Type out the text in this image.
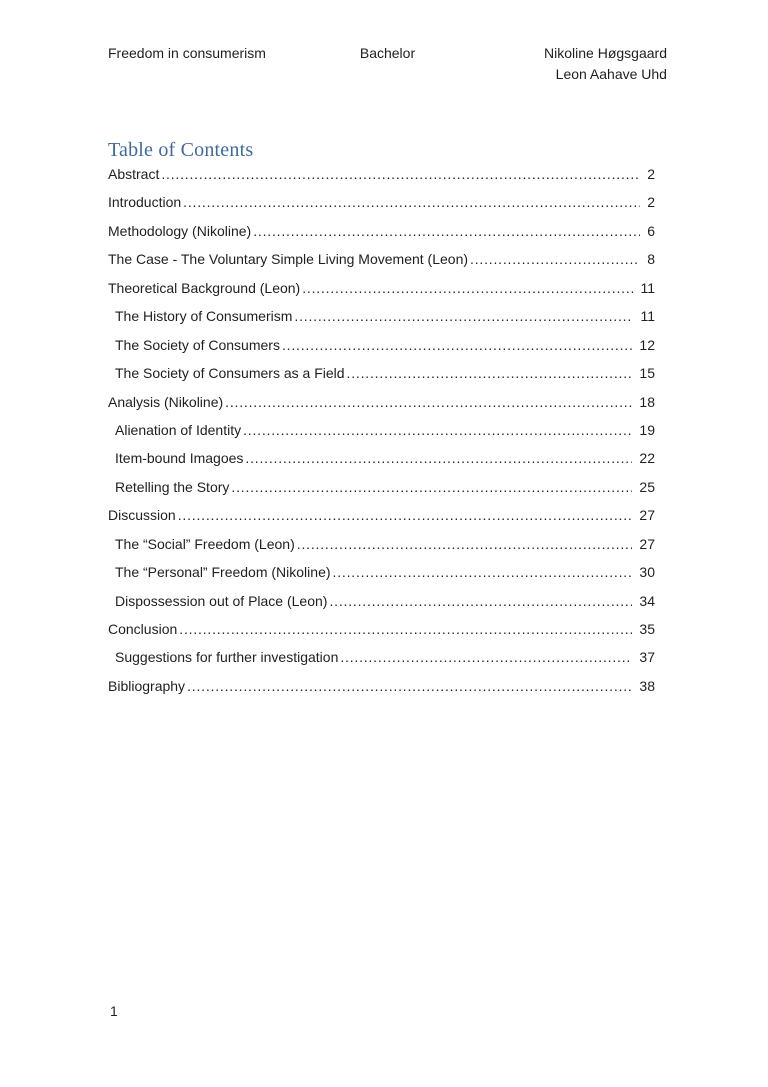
Freedom in consumerism	Bachelor	Nikoline Høgsgaard
Leon Aahave Uhd
Table of Contents
Abstract .....	2
Introduction .....	2
Methodology (Nikoline) .....	6
The Case - The Voluntary Simple Living Movement (Leon) .....	8
Theoretical Background (Leon) .....	11
The History of Consumerism .....	11
The Society of Consumers .....	12
The Society of Consumers as a Field .....	15
Analysis (Nikoline) .....	18
Alienation of Identity .....	19
Item-bound Imagoes .....	22
Retelling the Story .....	25
Discussion .....	27
The “Social” Freedom (Leon) .....	27
The “Personal” Freedom (Nikoline) .....	30
Dispossession out of Place (Leon) .....	34
Conclusion .....	35
Suggestions for further investigation .....	37
Bibliography .....	38
1
